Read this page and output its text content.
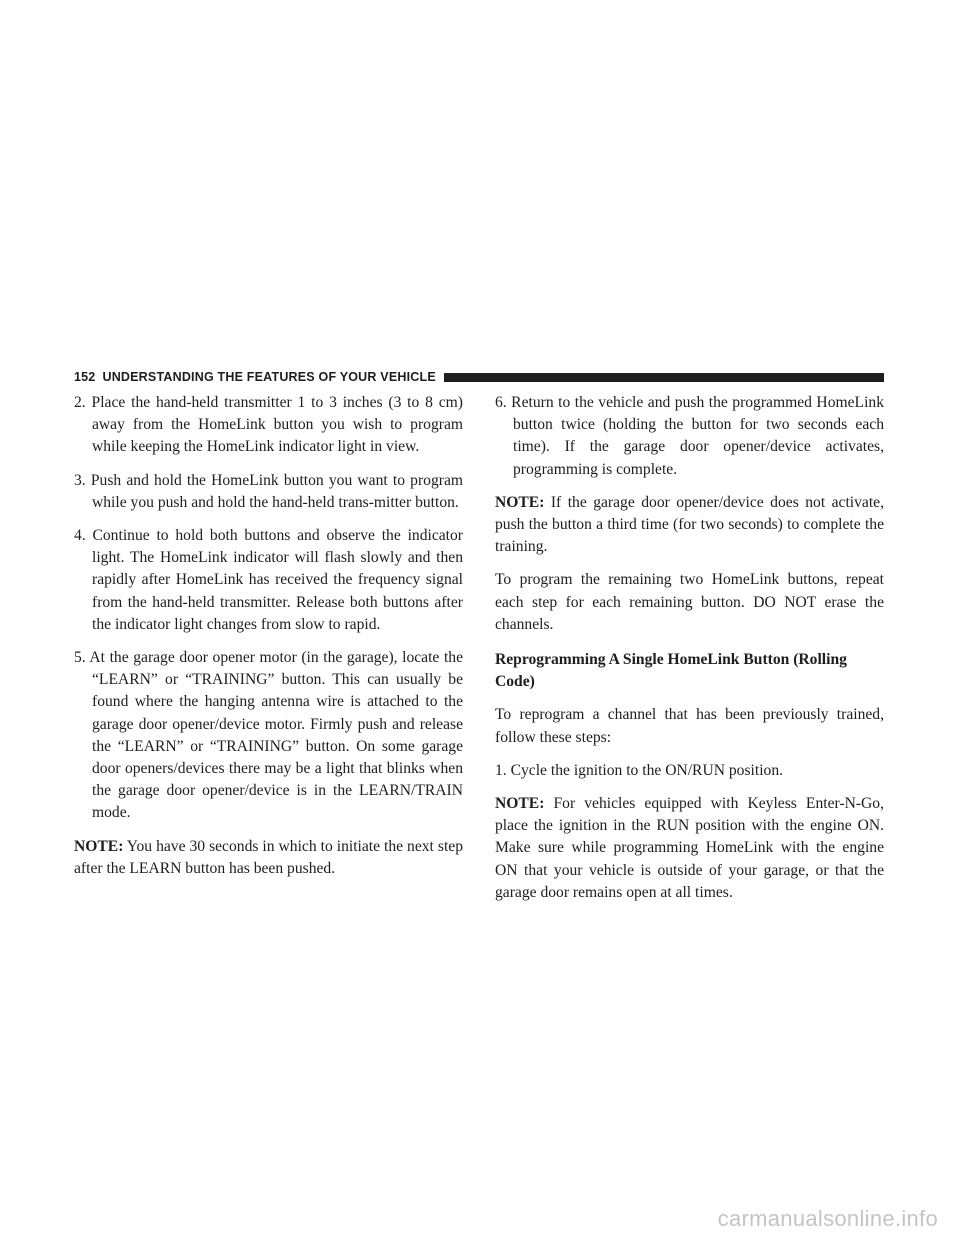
152 UNDERSTANDING THE FEATURES OF YOUR VEHICLE

2. Place the hand-held transmitter 1 to 3 inches (3 to 8 cm) away from the HomeLink button you wish to program while keeping the HomeLink indicator light in view.

3. Push and hold the HomeLink button you want to program while you push and hold the hand-held trans-mitter button.

4. Continue to hold both buttons and observe the indicator light. The HomeLink indicator will flash slowly and then rapidly after HomeLink has received the frequency signal from the hand-held transmitter. Release both buttons after the indicator light changes from slow to rapid.

5. At the garage door opener motor (in the garage), locate the “LEARN” or “TRAINING” button. This can usually be found where the hanging antenna wire is attached to the garage door opener/device motor. Firmly push and release the “LEARN” or “TRAINING” button. On some garage door openers/devices there may be a light that blinks when the garage door opener/device is in the LEARN/TRAIN mode.

NOTE: You have 30 seconds in which to initiate the next step after the LEARN button has been pushed.

6. Return to the vehicle and push the programmed HomeLink button twice (holding the button for two seconds each time). If the garage door opener/device activates, programming is complete.

NOTE: If the garage door opener/device does not activate, push the button a third time (for two seconds) to complete the training.

To program the remaining two HomeLink buttons, repeat each step for each remaining button. DO NOT erase the channels.

Reprogramming A Single HomeLink Button (Rolling Code)

To reprogram a channel that has been previously trained, follow these steps:

1. Cycle the ignition to the ON/RUN position.

NOTE: For vehicles equipped with Keyless Enter-N-Go, place the ignition in the RUN position with the engine ON. Make sure while programming HomeLink with the engine ON that your vehicle is outside of your garage, or that the garage door remains open at all times.

carmanualsonline.info
